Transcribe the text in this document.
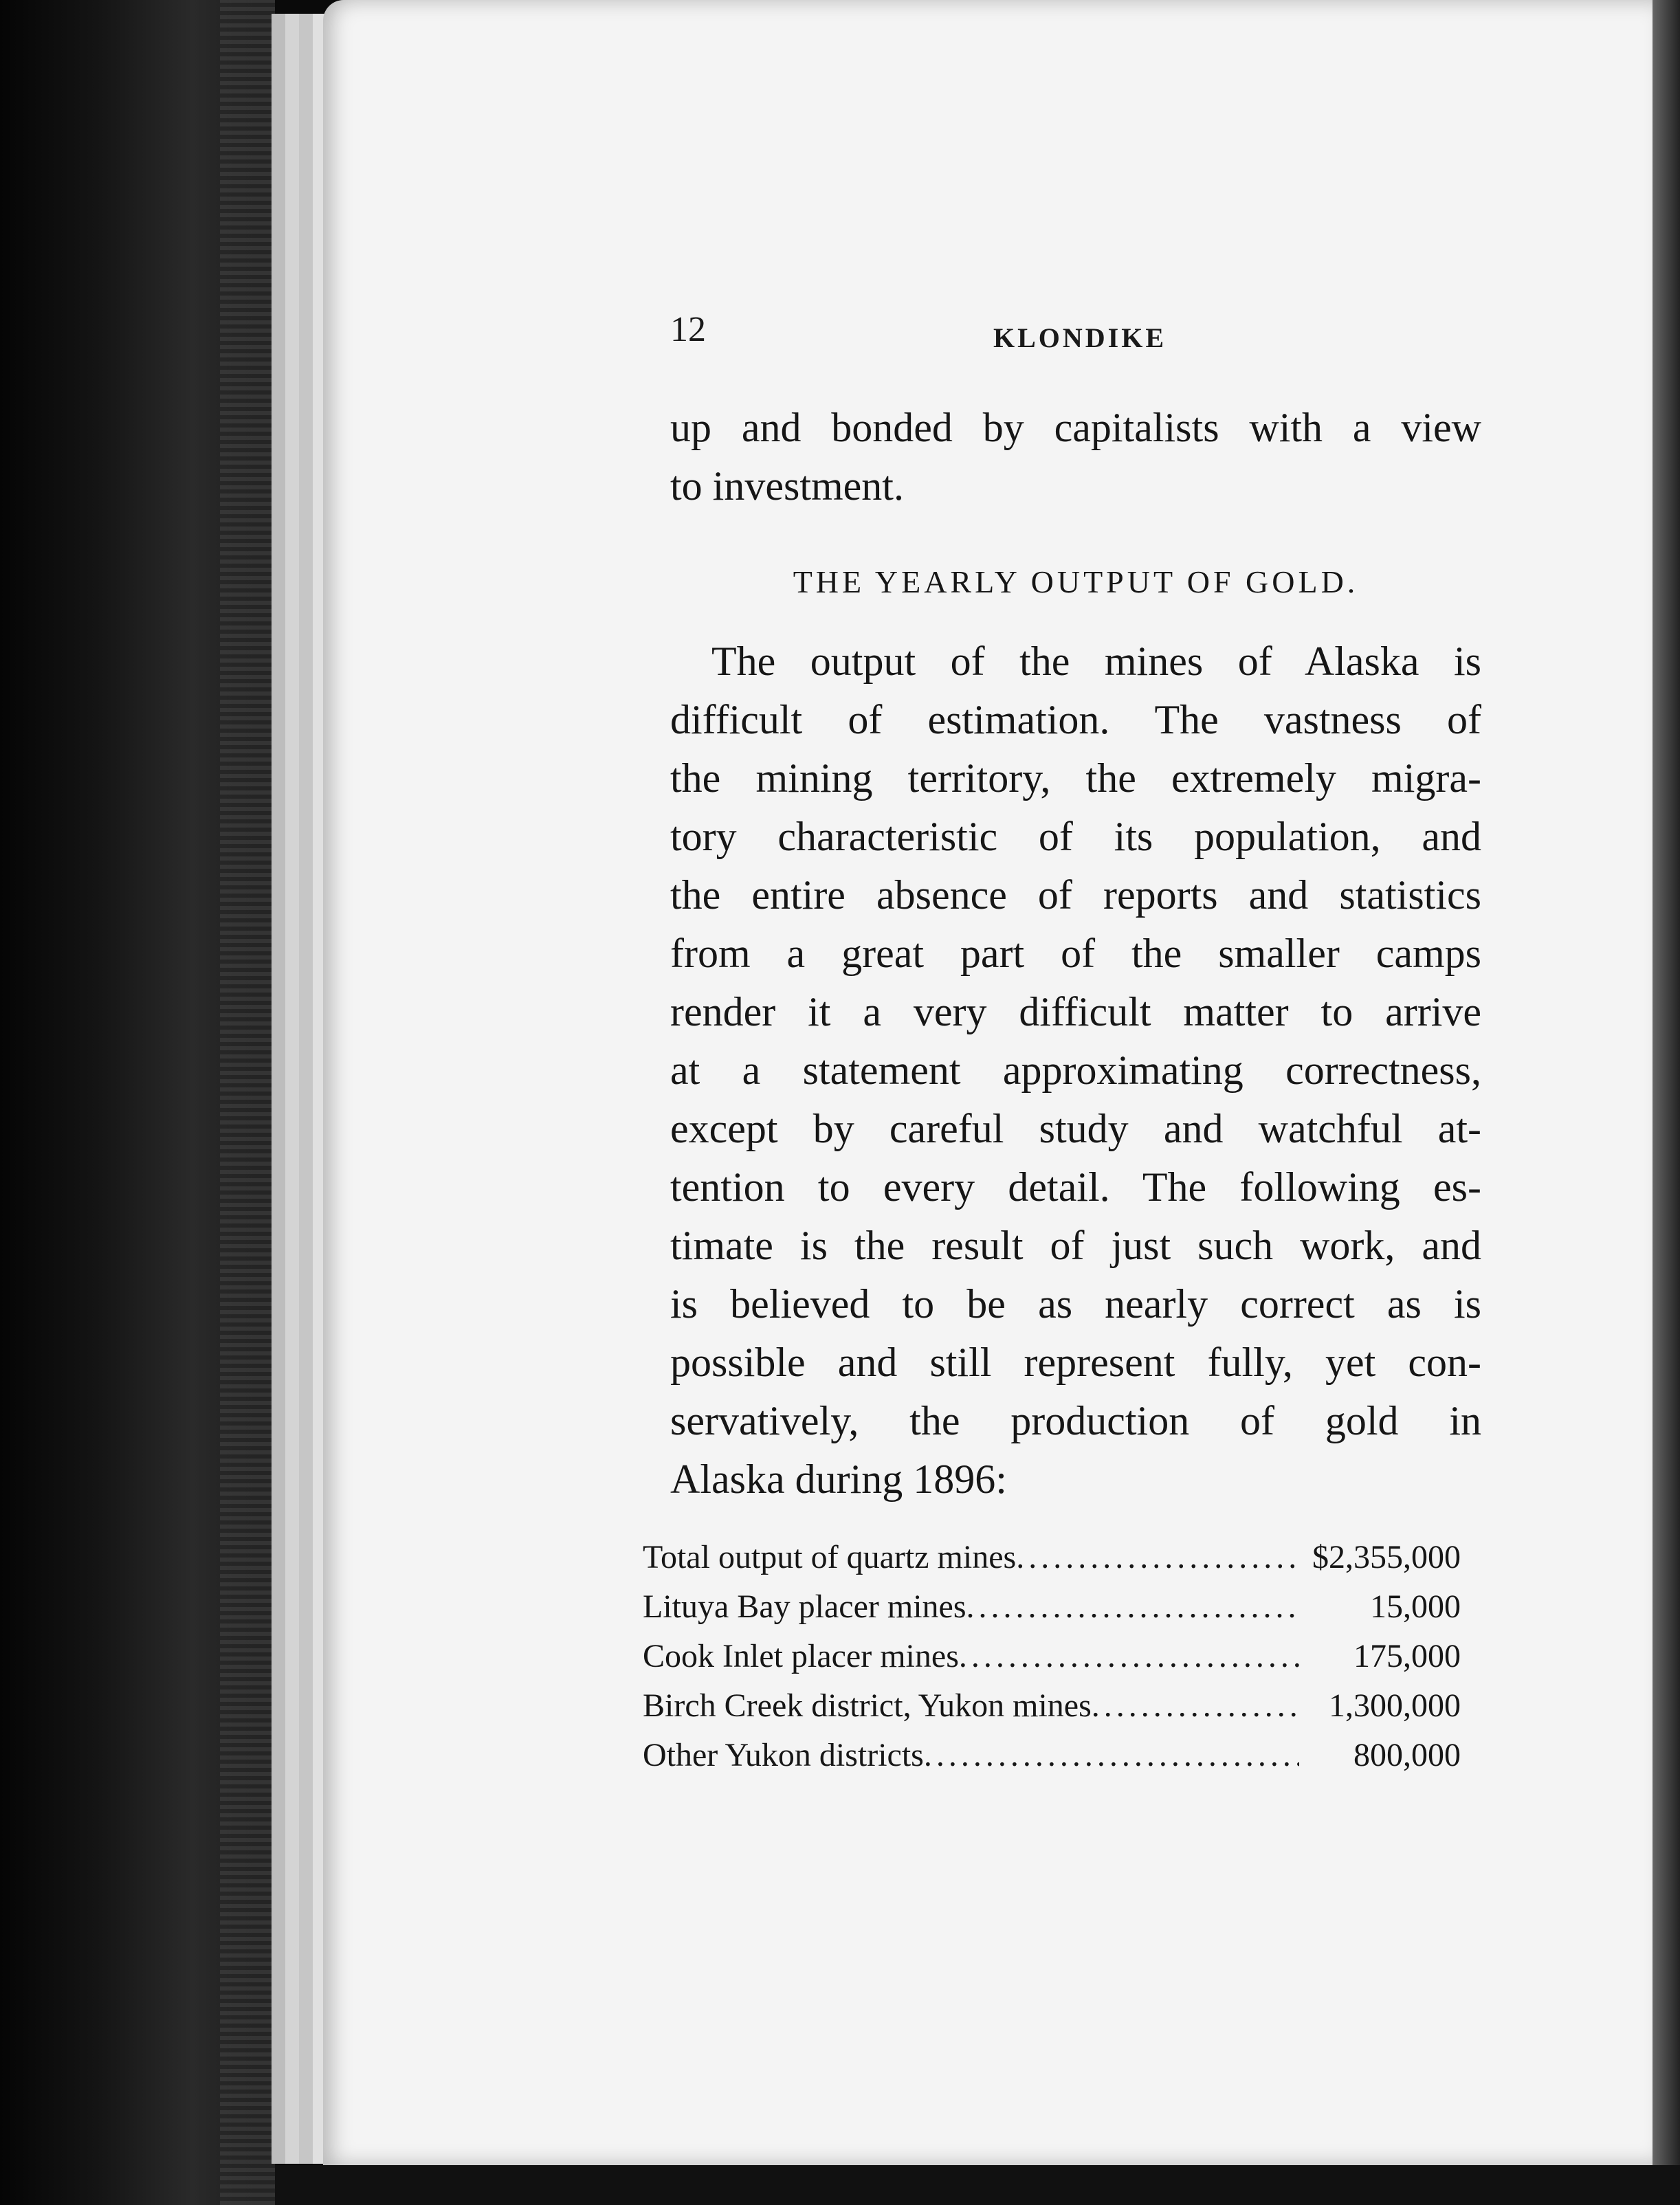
12	KLONDIKE
up and bonded by capitalists with a view
to investment.
THE YEARLY OUTPUT OF GOLD.
The output of the mines of Alaska is
difficult of estimation. The vastness of
the mining territory, the extremely migra-
tory characteristic of its population, and
the entire absence of reports and statistics
from a great part of the smaller camps
render it a very difficult matter to arrive
at a statement approximating correctness,
except by careful study and watchful at-
tention to every detail. The following es-
timate is the result of just such work, and
is believed to be as nearly correct as is
possible and still represent fully, yet con-
servatively, the production of gold in
Alaska during 1896:
Total output of quartz mines .....	$2,355,000
Lituya Bay placer mines .....	15,000
Cook Inlet placer mines .....	175,000
Birch Creek district, Yukon mines .....	1,300,000
Other Yukon districts .....	800,000
